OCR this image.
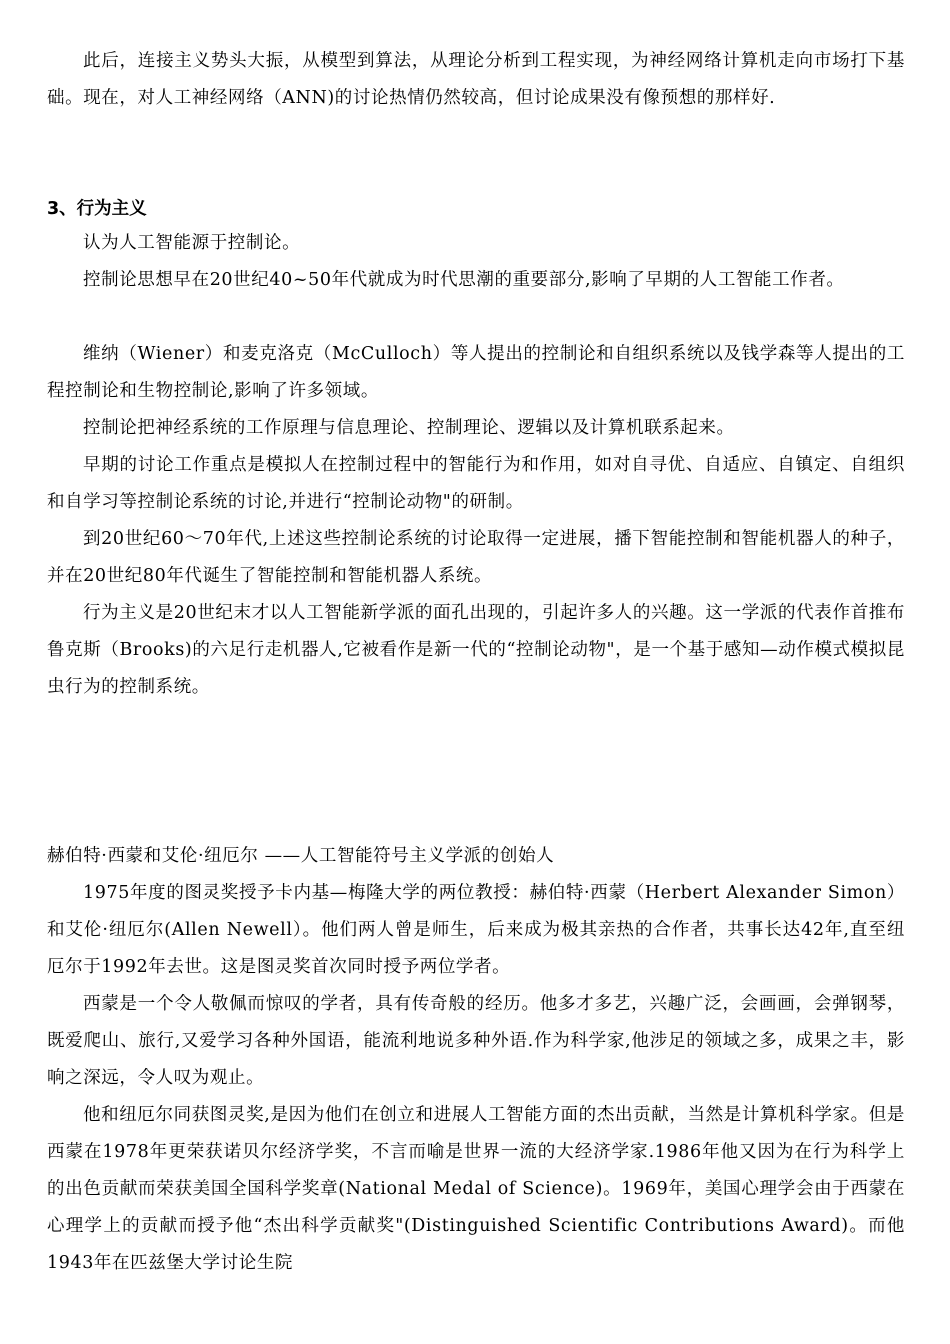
此后，连接主义势头大振，从模型到算法，从理论分析到工程实现，为神经网络计算机走向市场打下基础。现在，对人工神经网络（ANN)的讨论热情仍然较高，但讨论成果没有像预想的那样好.

3、行为主义

认为人工智能源于控制论。

控制论思想早在20世纪40~50年代就成为时代思潮的重要部分,影响了早期的人工智能工作者。

维纳（Wiener）和麦克洛克（McCulloch）等人提出的控制论和自组织系统以及钱学森等人提出的工程控制论和生物控制论,影响了许多领域。

控制论把神经系统的工作原理与信息理论、控制理论、逻辑以及计算机联系起来。

早期的讨论工作重点是模拟人在控制过程中的智能行为和作用，如对自寻优、自适应、自镇定、自组织和自学习等控制论系统的讨论,并进行“控制论动物"的研制。

到20世纪60～70年代,上述这些控制论系统的讨论取得一定进展，播下智能控制和智能机器人的种子，并在20世纪80年代诞生了智能控制和智能机器人系统。

行为主义是20世纪末才以人工智能新学派的面孔出现的，引起许多人的兴趣。这一学派的代表作首推布鲁克斯（Brooks)的六足行走机器人,它被看作是新一代的“控制论动物"，是一个基于感知—动作模式模拟昆虫行为的控制系统。

赫伯特·西蒙和艾伦·纽厄尔 ——人工智能符号主义学派的创始人

1975年度的图灵奖授予卡内基—梅隆大学的两位教授：赫伯特·西蒙（Herbert Alexander Simon）和艾伦·纽厄尔(Allen Newell）。他们两人曾是师生，后来成为极其亲热的合作者，共事长达42年,直至纽厄尔于1992年去世。这是图灵奖首次同时授予两位学者。

西蒙是一个令人敬佩而惊叹的学者，具有传奇般的经历。他多才多艺，兴趣广泛，会画画，会弹钢琴，既爱爬山、旅行,又爱学习各种外国语，能流利地说多种外语.作为科学家,他涉足的领域之多，成果之丰，影响之深远，令人叹为观止。

他和纽厄尔同获图灵奖,是因为他们在创立和进展人工智能方面的杰出贡献，当然是计算机科学家。但是西蒙在1978年更荣获诺贝尔经济学奖，不言而喻是世界一流的大经济学家.1986年他又因为在行为科学上的出色贡献而荣获美国全国科学奖章(National Medal of Science)。1969年，美国心理学会由于西蒙在心理学上的贡献而授予他“杰出科学贡献奖"(Distinguished Scientific Contributions Award)。而他1943年在匹兹堡大学讨论生院
